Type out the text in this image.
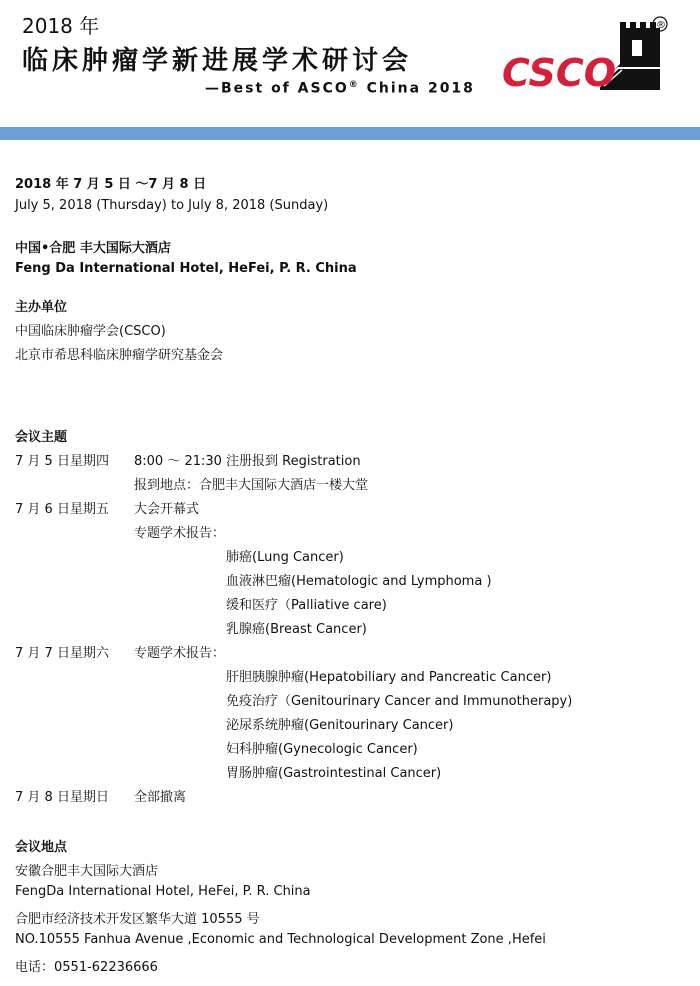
2018 年
临床肿瘤学新进展学术研讨会
—Best of ASCO® China 2018 CSCO
®
2018 年 7 月 5 日 ～7 月 8 日
July 5, 2018 (Thursday) to July 8, 2018 (Sunday)
中国•合肥 丰大国际大酒店
Feng Da International Hotel, HeFei, P. R. China
主办单位
中国临床肿瘤学会(CSCO)
北京市希思科临床肿瘤学研究基金会
会议主题
7 月 5 日星期四 8:00 ～ 21:30 注册报到 Registration
报到地点：合肥丰大国际大酒店一楼大堂
7 月 6 日星期五 大会开幕式
专题学术报告：
肺癌(Lung Cancer)
血液淋巴瘤(Hematologic and Lymphoma )
缓和医疗（Palliative care)
乳腺癌(Breast Cancer)
7 月 7 日星期六 专题学术报告：
肝胆胰腺肿瘤(Hepatobiliary and Pancreatic Cancer)
免疫治疗（Genitourinary Cancer and Immunotherapy)
泌尿系统肿瘤(Genitourinary Cancer)
妇科肿瘤(Gynecologic Cancer)
胃肠肿瘤(Gastrointestinal Cancer)
7 月 8 日星期日 全部撤离
会议地点
安徽合肥丰大国际大酒店
FengDa International Hotel, HeFei, P. R. China
合肥市经济技术开发区繁华大道 10555 号
NO.10555 Fanhua Avenue ,Economic and Technological Development Zone ,Hefei
电话：0551-62236666
